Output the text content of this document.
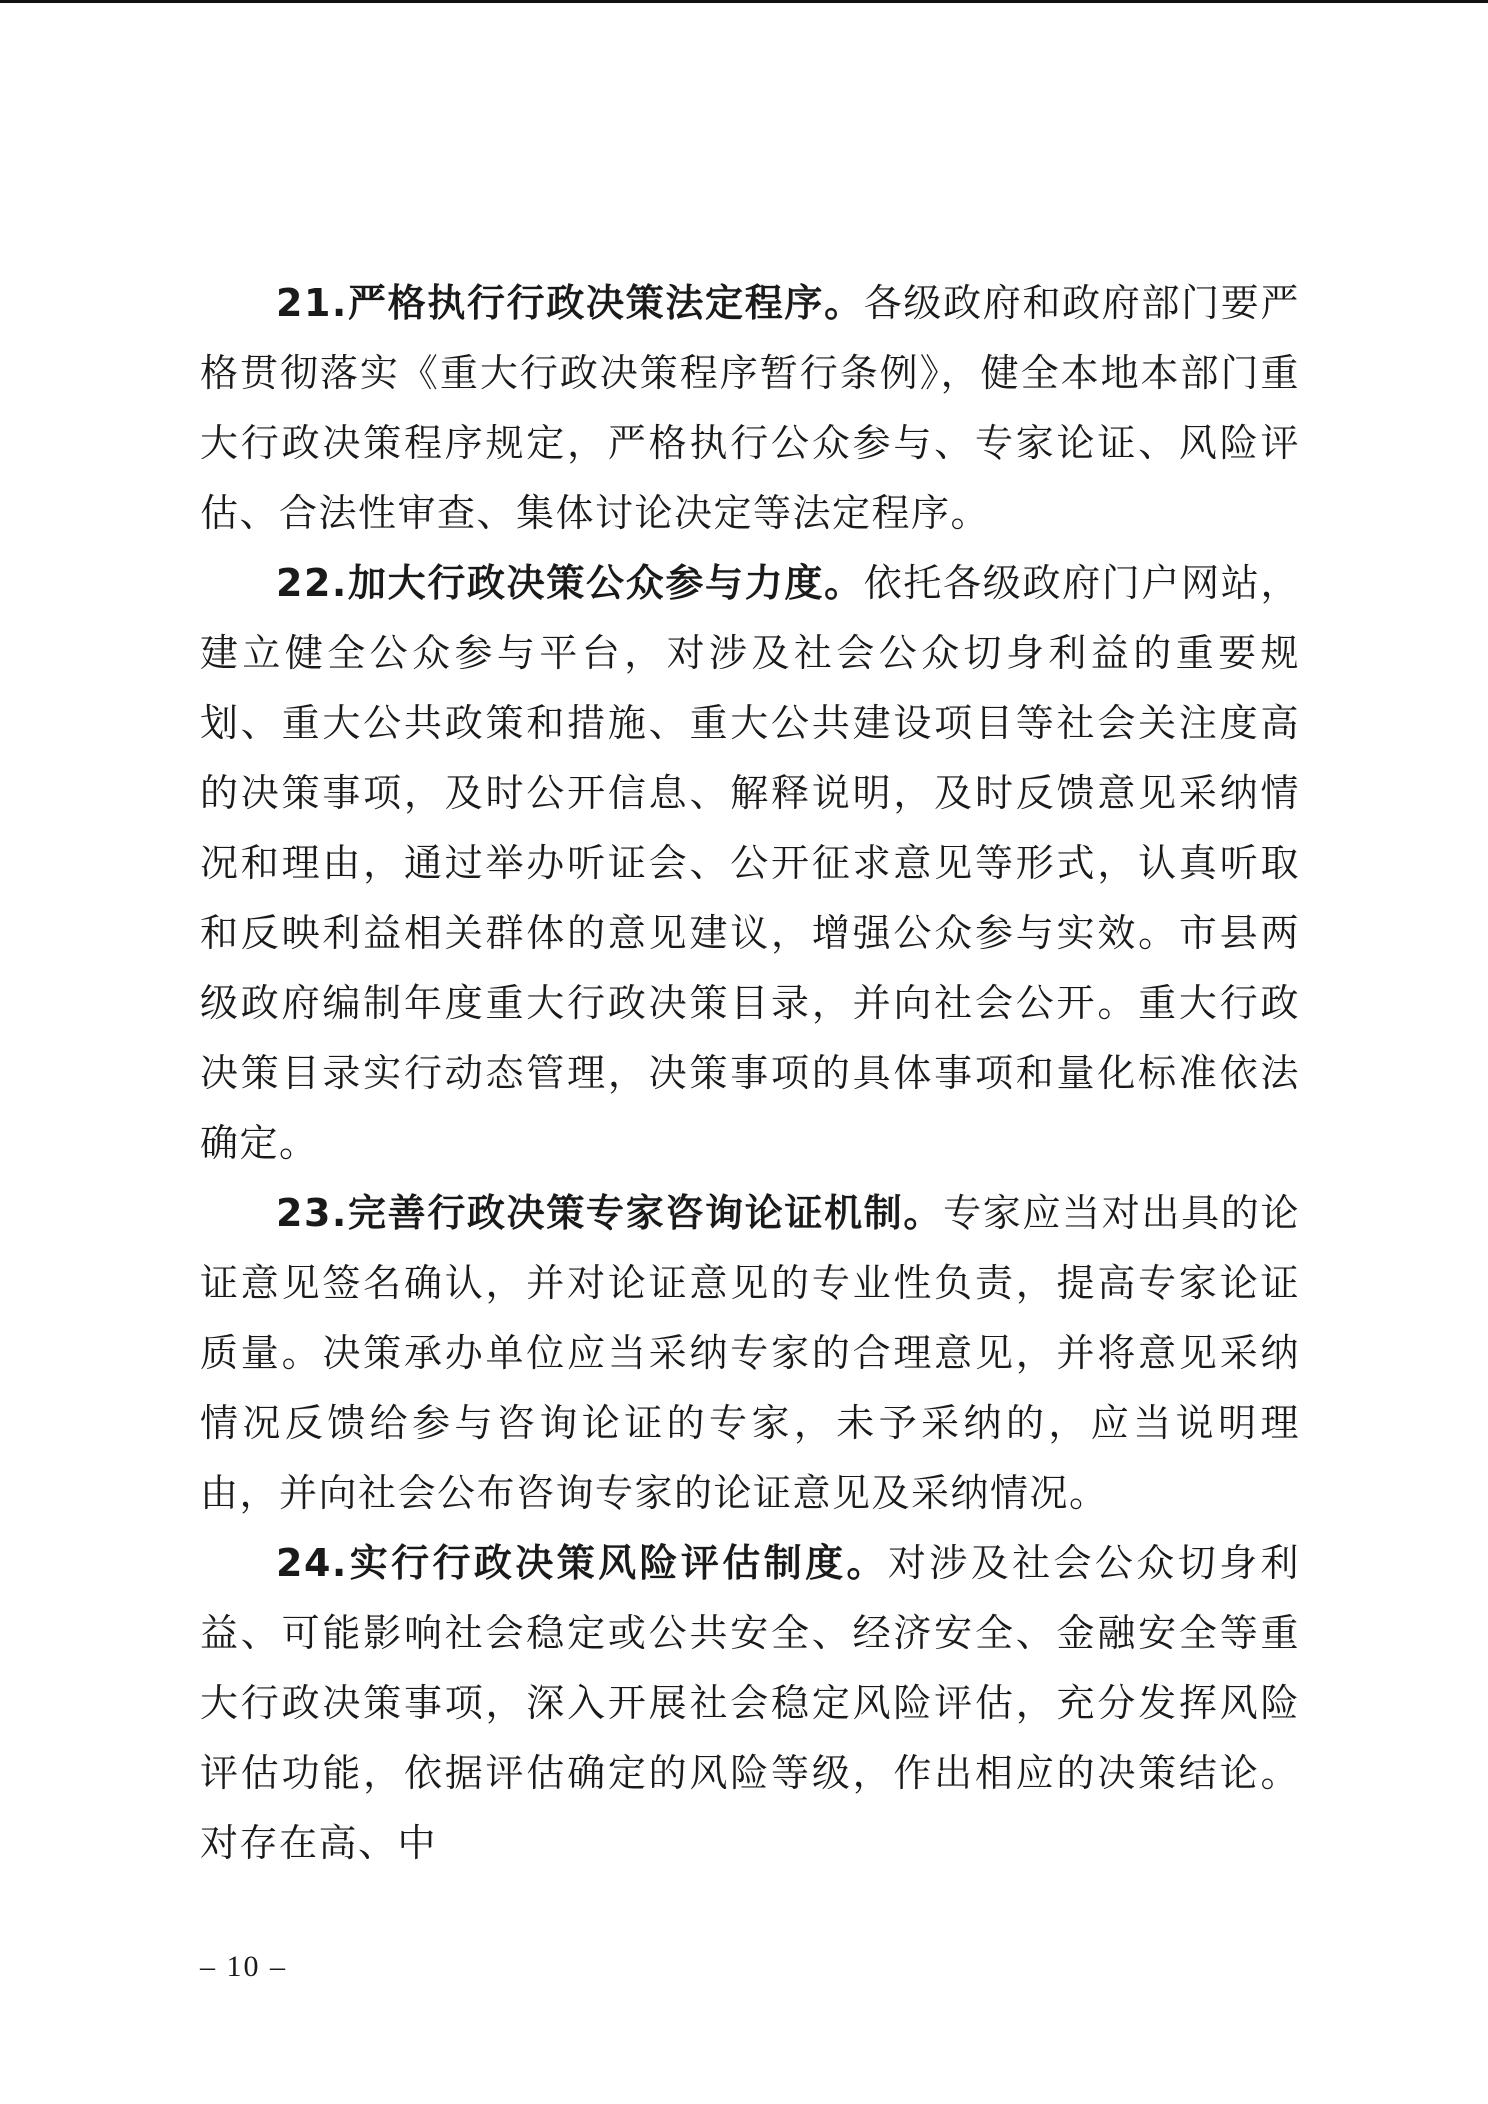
21.严格执行行政决策法定程序。各级政府和政府部门要严格贯彻落实《重大行政决策程序暂行条例》，健全本地本部门重大行政决策程序规定，严格执行公众参与、专家论证、风险评估、合法性审查、集体讨论决定等法定程序。

22.加大行政决策公众参与力度。依托各级政府门户网站，建立健全公众参与平台，对涉及社会公众切身利益的重要规划、重大公共政策和措施、重大公共建设项目等社会关注度高的决策事项，及时公开信息、解释说明，及时反馈意见采纳情况和理由，通过举办听证会、公开征求意见等形式，认真听取和反映利益相关群体的意见建议，增强公众参与实效。市县两级政府编制年度重大行政决策目录，并向社会公开。重大行政决策目录实行动态管理，决策事项的具体事项和量化标准依法确定。

23.完善行政决策专家咨询论证机制。专家应当对出具的论证意见签名确认，并对论证意见的专业性负责，提高专家论证质量。决策承办单位应当采纳专家的合理意见，并将意见采纳情况反馈给参与咨询论证的专家，未予采纳的，应当说明理由，并向社会公布咨询专家的论证意见及采纳情况。

24.实行行政决策风险评估制度。对涉及社会公众切身利益、可能影响社会稳定或公共安全、经济安全、金融安全等重大行政决策事项，深入开展社会稳定风险评估，充分发挥风险评估功能，依据评估确定的风险等级，作出相应的决策结论。对存在高、中

– 10 –
